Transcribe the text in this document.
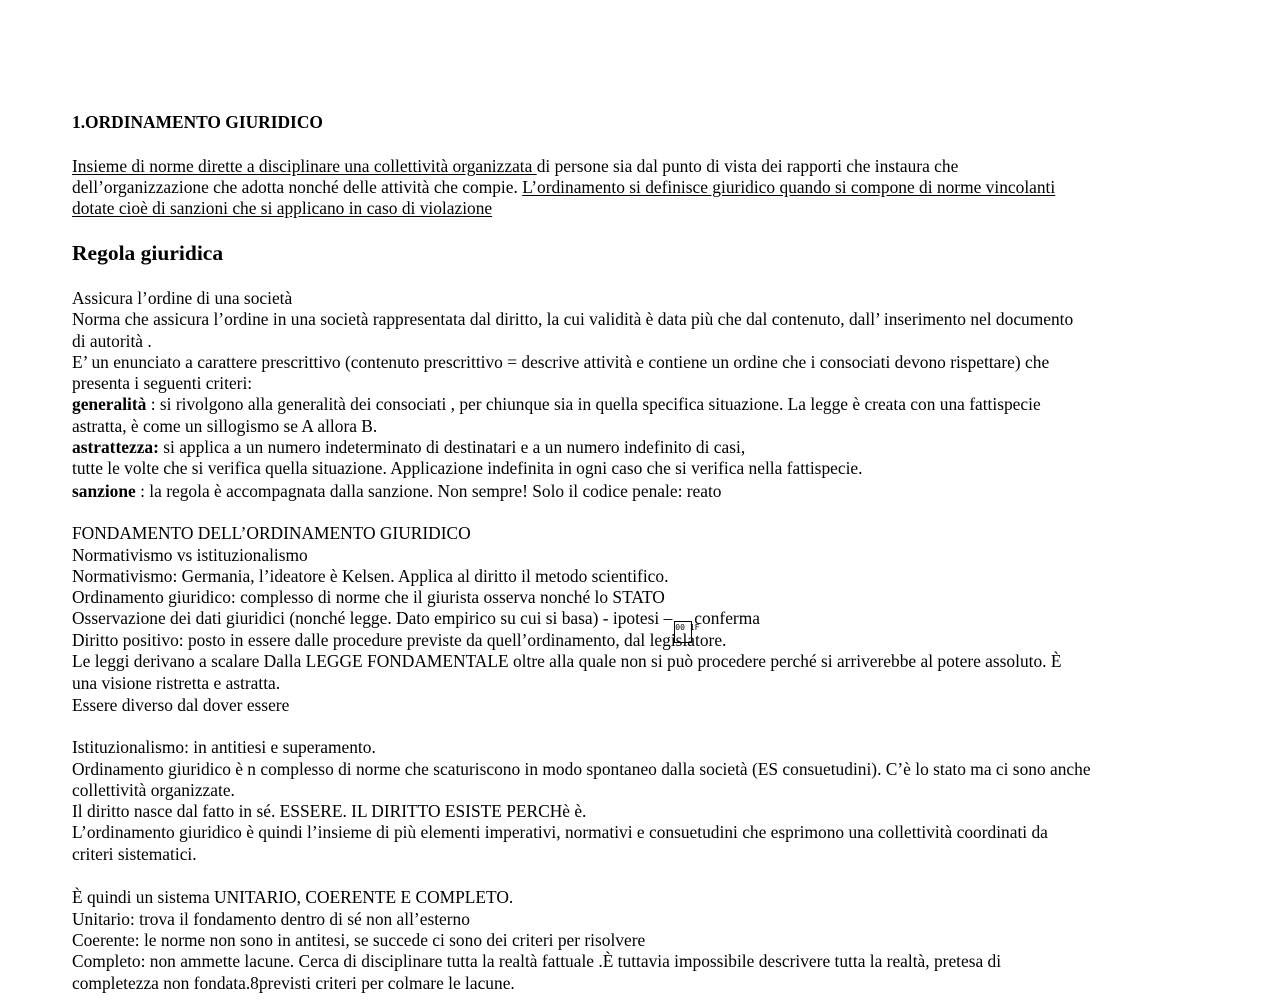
1.ORDINAMENTO GIURIDICO
Insieme di norme dirette a disciplinare una collettività organizzata di persone sia dal punto di vista dei rapporti che instaura che
dell’organizzazione che adotta nonché delle attività che compie. L’ordinamento si definisce giuridico quando si compone di norme vincolanti
dotate cioè di sanzioni che si applicano in caso di violazione
Regola giuridica
Assicura l’ordine di una società
Norma che assicura l’ordine in una società rappresentata dal diritto, la cui validità è data più che dal contenuto, dall’ inserimento nel documento
di autorità .
E’ un enunciato a carattere prescrittivo (contenuto prescrittivo = descrive attività e contiene un ordine che i consociati devono rispettare) che
presenta i seguenti criteri:
generalità : si rivolgono alla generalità dei consociati , per chiunque sia in quella specifica situazione. La legge è creata con una fattispecie
astratta, è come un sillogismo se A allora B.
astrattezza: si applica a un numero indeterminato di destinatari e a un numero indefinito di casi,
tutte le volte che si verifica quella situazione. Applicazione indefinita in ogni caso che si verifica nella fattispecie.
sanzione : la regola è accompagnata dalla sanzione. Non sempre! Solo il codice penale: reato
FONDAMENTO DELL’ORDINAMENTO GIURIDICO
Normativismo vs istituzionalismo
Normativismo: Germania, l’ideatore è Kelsen. Applica al diritto il metodo scientifico.
Ordinamento giuridico: complesso di norme che il giurista osserva nonché lo STATO
Osservazione dei dati giuridici (nonché legge. Dato empirico su cui si basa) - ipotesi – 00 1Fconferma
Diritto positivo: posto in essere dalle procedure previste da quell’ordinamento, dal legislatore.
Le leggi derivano a scalare Dalla LEGGE FONDAMENTALE oltre alla quale non si può procedere perché si arriverebbe al potere assoluto. È
una visione ristretta e astratta.
Essere diverso dal dover essere
Istituzionalismo: in antitiesi e superamento.
Ordinamento giuridico è n complesso di norme che scaturiscono in modo spontaneo dalla società (ES consuetudini). C’è lo stato ma ci sono anche
collettività organizzate.
Il diritto nasce dal fatto in sé. ESSERE. IL DIRITTO ESISTE PERCHè è.
L’ordinamento giuridico è quindi l’insieme di più elementi imperativi, normativi e consuetudini che esprimono una collettività coordinati da
criteri sistematici.
È quindi un sistema UNITARIO, COERENTE E COMPLETO.
Unitario: trova il fondamento dentro di sé non all’esterno
Coerente: le norme non sono in antitesi, se succede ci sono dei criteri per risolvere
Completo: non ammette lacune. Cerca di disciplinare tutta la realtà fattuale .È tuttavia impossibile descrivere tutta la realtà, pretesa di
completezza non fondata.8previsti criteri per colmare le lacune.
